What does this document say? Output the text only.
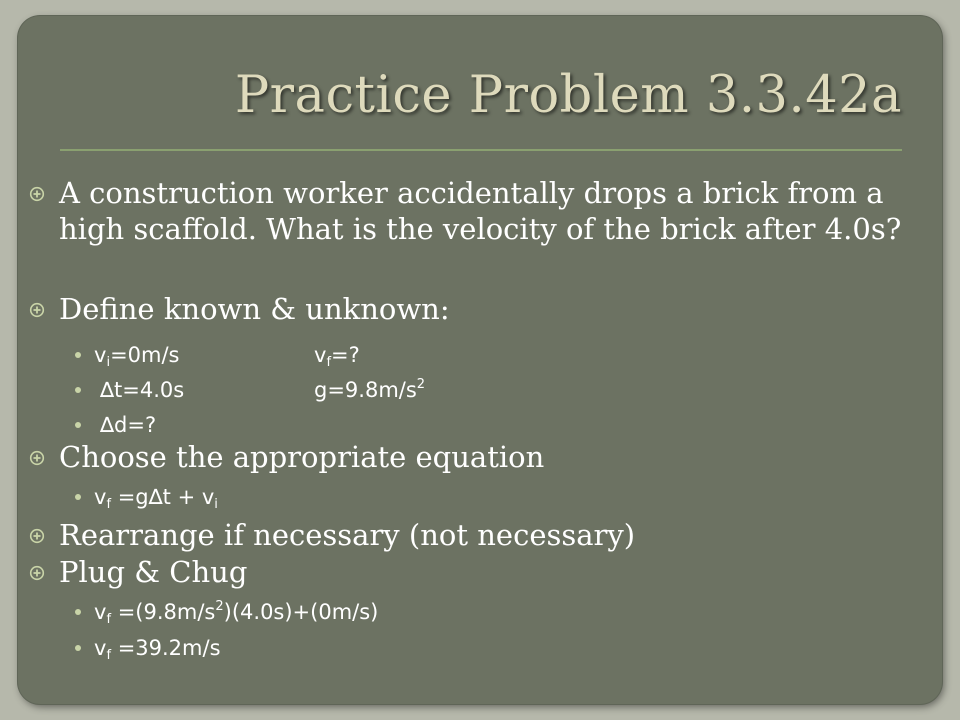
Practice Problem 3.3.42a
A construction worker accidentally drops a brick from a high scaffold. What is the velocity of the brick after 4.0s?
Define known & unknown:
$v_i=0m/s$	$v_f=$?
∆t=4.0s	$g=9.8m/s^2$
∆d=?
Choose the appropriate equation
$v_f =g\Delta t + v_i$
Rearrange if necessary (not necessary)
Plug & Chug
$v_f =(9.8m/s^2)(4.0s)+(0m/s)$
$v_f =39.2m/s$
